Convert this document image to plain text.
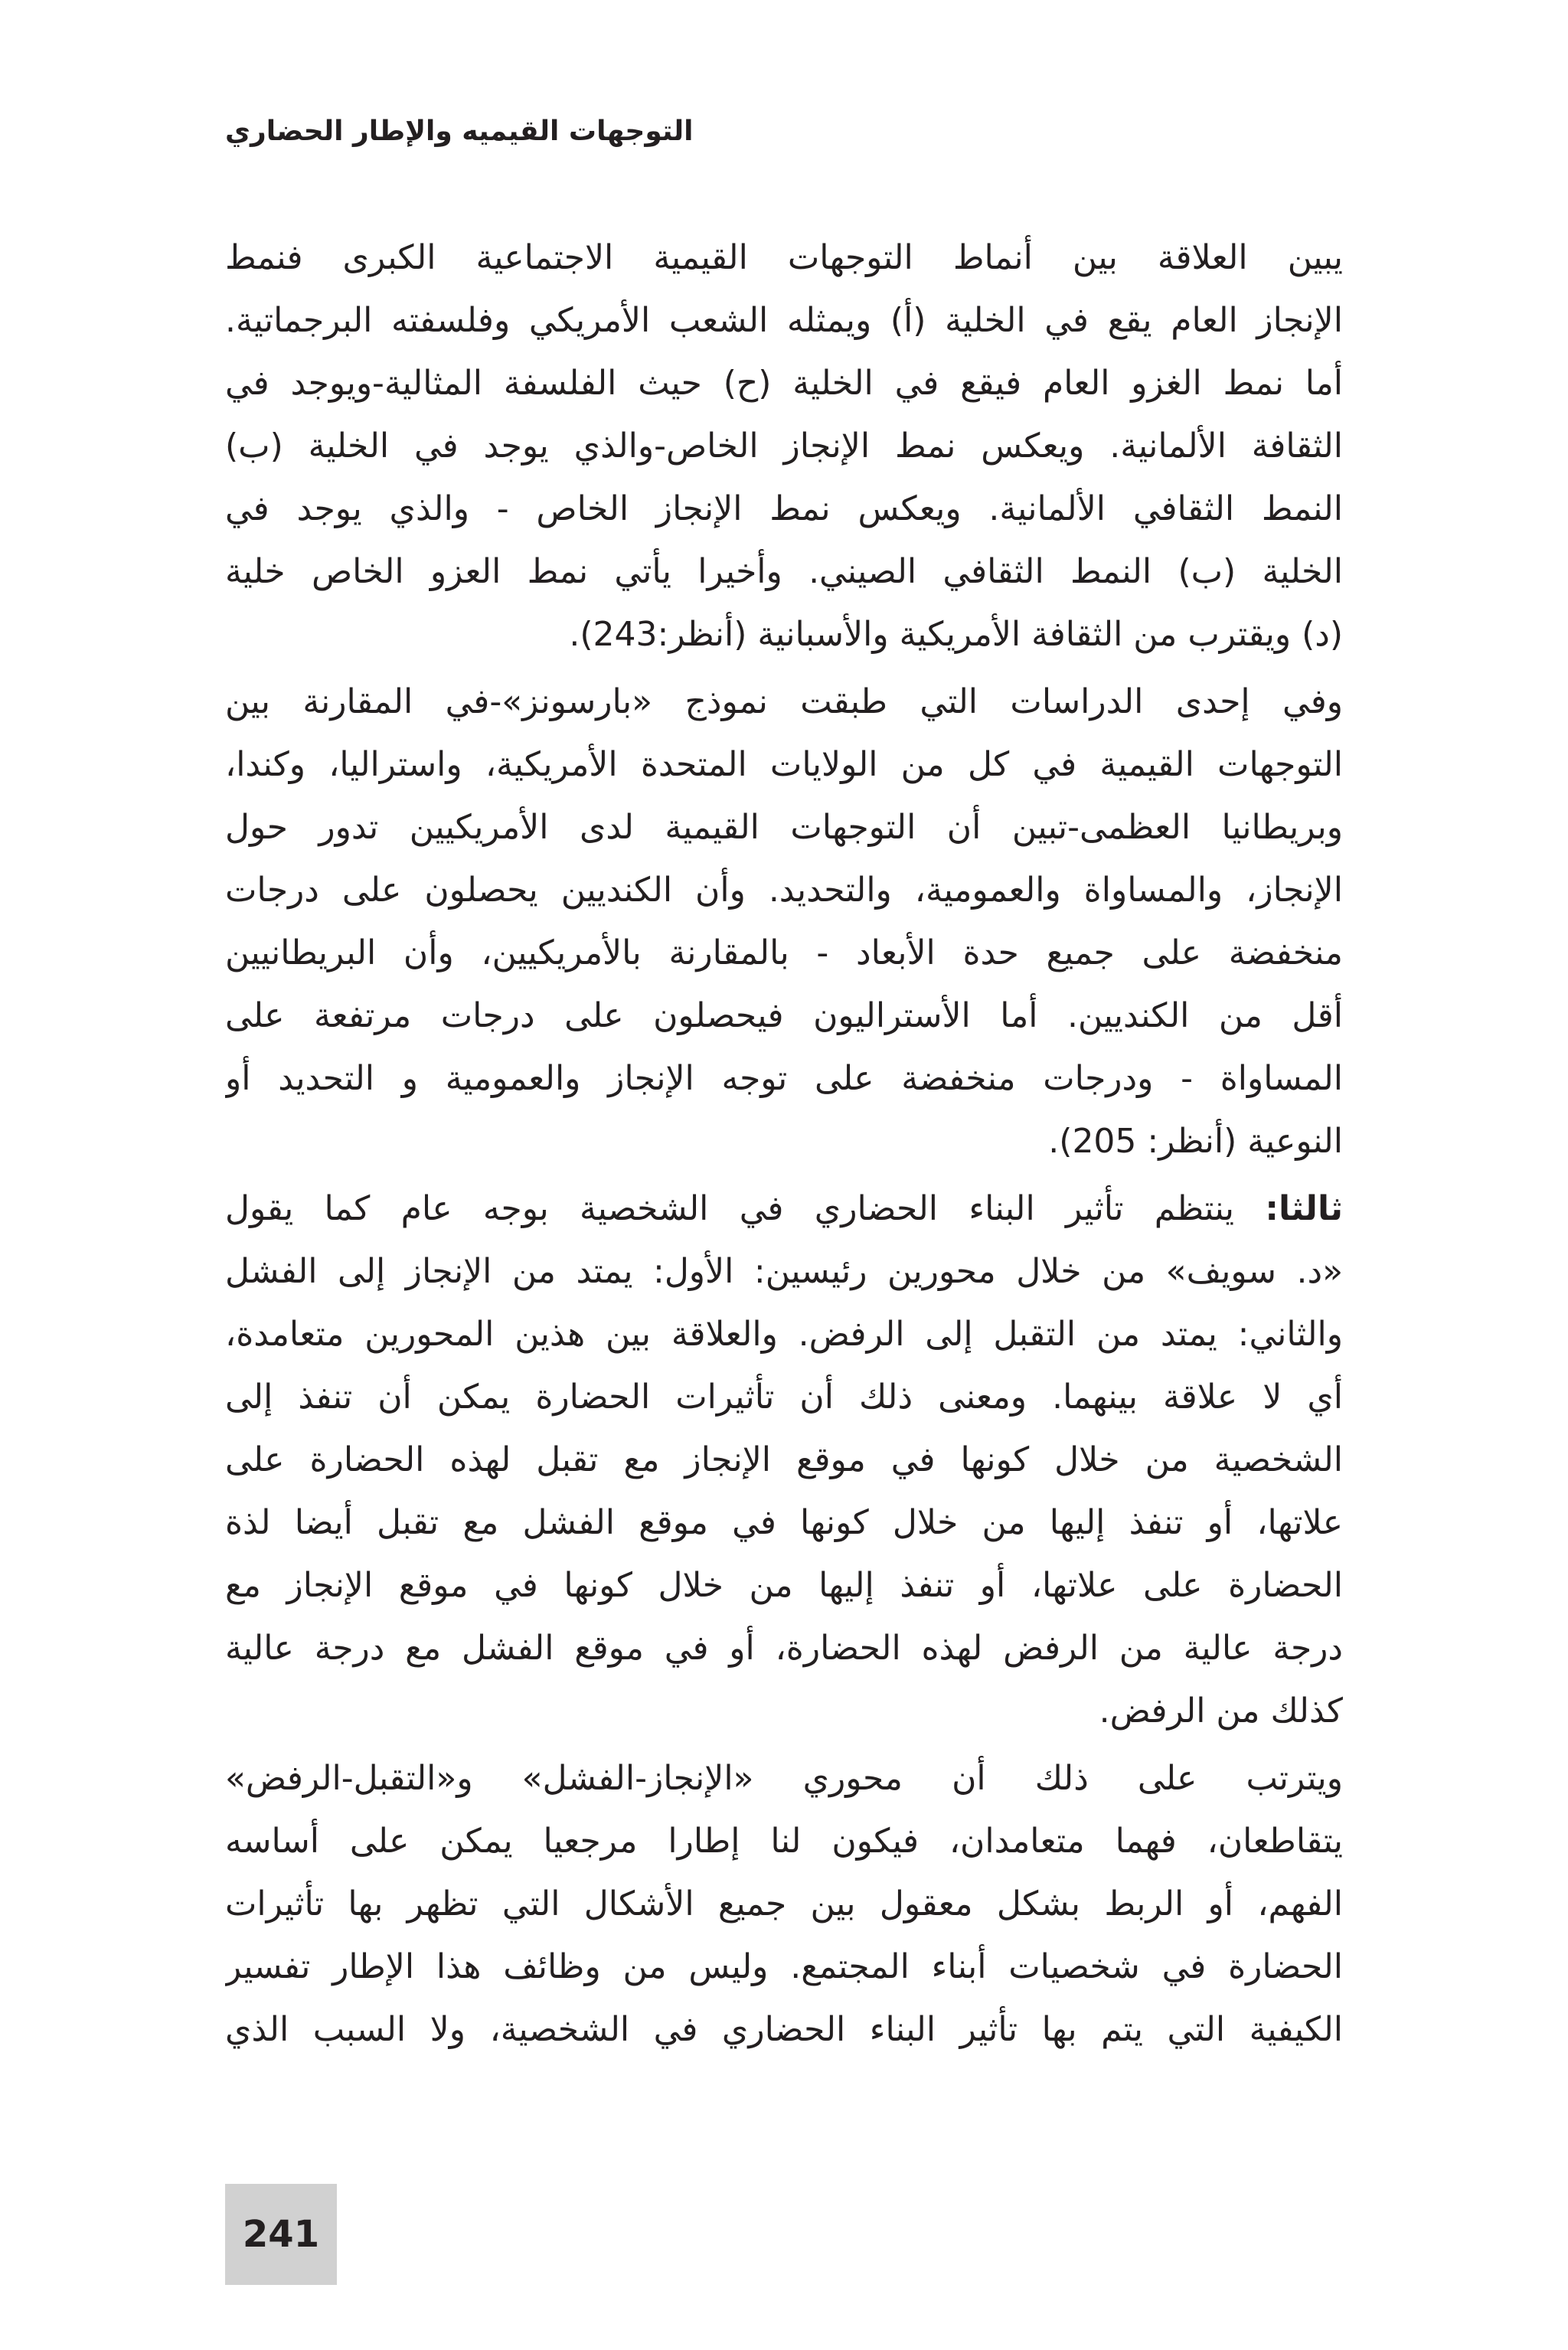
التوجهات القيميه والإطار الحضاري
يبين العلاقة بين أنماط التوجهات القيمية الاجتماعية الكبرى فنمط
الإنجاز العام يقع في الخلية (أ) ويمثله الشعب الأمريكي وفلسفته البرجماتية.
أما نمط الغزو العام فيقع في الخلية (ح) حيث الفلسفة المثالية-ويوجد في
الثقافة الألمانية. ويعكس نمط الإنجاز الخاص-والذي يوجد في الخلية (ب)
النمط الثقافي الألمانية. ويعكس نمط الإنجاز الخاص - والذي يوجد في
الخلية (ب) النمط الثقافي الصيني. وأخيرا يأتي نمط العزو الخاص خلية
(د) ويقترب من الثقافة الأمريكية والأسبانية (أنظر:243).
وفي إحدى الدراسات التي طبقت نموذج «بارسونز»-في المقارنة بين
التوجهات القيمية في كل من الولايات المتحدة الأمريكية، واستراليا، وكندا،
وبريطانيا العظمى-تبين أن التوجهات القيمية لدى الأمريكيين تدور حول
الإنجاز، والمساواة والعمومية، والتحديد. وأن الكنديين يحصلون على درجات
منخفضة على جميع حدة الأبعاد - بالمقارنة بالأمريكيين، وأن البريطانيين
أقل من الكنديين. أما الأستراليون فيحصلون على درجات مرتفعة على
المساواة - ودرجات منخفضة على توجه الإنجاز والعمومية و التحديد أو
النوعية (أنظر: 205).
ثالثا: ينتظم تأثير البناء الحضاري في الشخصية بوجه عام كما يقول
«د. سويف» من خلال محورين رئيسين: الأول: يمتد من الإنجاز إلى الفشل
والثاني: يمتد من التقبل إلى الرفض. والعلاقة بين هذين المحورين متعامدة،
أي لا علاقة بينهما. ومعنى ذلك أن تأثيرات الحضارة يمكن أن تنفذ إلى
الشخصية من خلال كونها في موقع الإنجاز مع تقبل لهذه الحضارة على
علاتها، أو تنفذ إليها من خلال كونها في موقع الفشل مع تقبل أيضا لذة
الحضارة على علاتها، أو تنفذ إليها من خلال كونها في موقع الإنجاز مع
درجة عالية من الرفض لهذه الحضارة، أو في موقع الفشل مع درجة عالية
كذلك من الرفض.
ويترتب على ذلك أن محوري «الإنجاز-الفشل» و«التقبل-الرفض»
يتقاطعان، فهما متعامدان، فيكون لنا إطارا مرجعيا يمكن على أساسه
الفهم، أو الربط بشكل معقول بين جميع الأشكال التي تظهر بها تأثيرات
الحضارة في شخصيات أبناء المجتمع. وليس من وظائف هذا الإطار تفسير
الكيفية التي يتم بها تأثير البناء الحضاري في الشخصية، ولا السبب الذي
241
